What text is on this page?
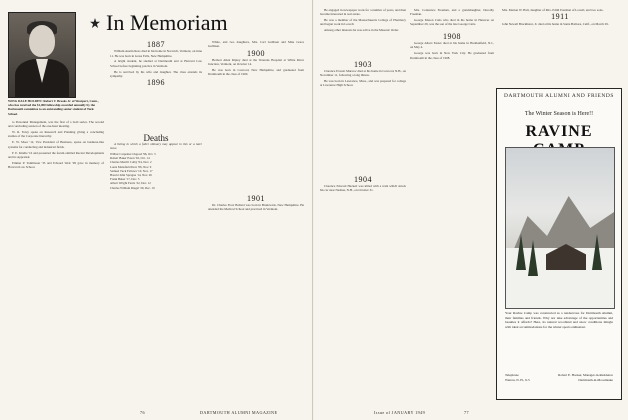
WING DALE HOLDEN: Robert V. Brooks Jr. of Westport, Conn., who has received the $1,000 fellowship awarded annually by the Dartmouth committee to an outstanding senior student of Tuck School.
In Memoriam

to Personnel Management, was the first of a bold series. The second and concluding session of the one-hour meeting.

W. R. Foley spoke on Research and Planning giving a concluding studies of the Corporate hierarchy.

E. W. Moor '12, Vice President of Business, spoke on business-like systems for conducting and industrial fields.

F. E. Kindle '16 and presented the forum entitled Recent Developments and its Appraisal.

Emmet P. Tomlinson '33 and Edward Weir '09 gave in memory of Harvard Law School.

1887

William Austin Ross died in his home in Norwich, Vermont, on June 11. He was born in Grass Falls, New Hampshire.

A bright student, he studied at Dartmouth and at Harvard Law School before beginning practice in Vermont.

He is survived by his wife and daughter. The class extends its sympathy.

1896
Deaths

A listing in which a fuller obituary may appear in this or a later issue.

Wilbur Carpenter Osgood '96, Oct. 3
Robert Baker Eaton '02, Oct. 14
Charles Merrill Colby '04, Nov. 2
Louis Mansfield Dow '06, Nov. 9
Samuel Tuck Fellows '10, Nov. 17
Harold John Sprague '14, Nov. 26
Frank Baker '17, Dec. 5
Albert Wright Ferris '22, Dec. 12
Charles William Riegel '29, Dec. 19

White, and two daughters, Mrs. Carl Gullixen and Miss Grace Gullixen.

1900

Herbert Allen Ripley died at the Veterans Hospital at White River Junction, Vermont, on October 14.

He was born in Concord, New Hampshire, and graduated from Dartmouth in the class of 1900.

1901

Dr. Charles Frost Ballard was born in Brunswick, New Hampshire. He attended the Medical School and practiced in Vermont.

76	DARTMOUTH ALUMNI MAGAZINE

He engaged in newspaper work for a number of years, and then became interested in real estate.

He was a member of the Massachusetts College of Pharmacy and began work in Lowell.

Among other interests he was active in the Masonic Order.

1903

Clarence Everett Murrow died at his home in Concord, N.H., on November 11, following a long illness.

He was born in Lawrence, Mass., and was prepared for college at Lawrence High School.

1904

Clarence Edward Hackett was killed with a train which struck his car near Nashua, N.H., on October 31.

Mrs. Constance Freeman, and a granddaughter, Dorothy Freeman.

George Mason Cutts who died in his home in Hanover on September 29, was the son of the late George Cutts.

1908

George Albert Easter died at his home in Haddonfield, N.J., on May 4.

George was born in New York City. He graduated from Dartmouth in the class of 1908.

Mrs. Marion W. Hall, daughter of Mrs. Edith Eastman of Lowell, and two sons.

1911

John Newell Brackhurst, Jr. died at his home in Santa Barbara, Calif., on March 29.

DARTMOUTH ALUMNI AND FRIENDS
The Winter Season is Here!!
RAVINE
Your Ravine Camp was constructed as a rendezvous for Dartmouth Alumni, their families and friends. Why not take advantage of the opportunities and beauties it affords? Here, its natural woodland and snow conditions mingle with ideal accommodations for the winter sports enthusiast.
Telephone
Warren, N. H., 9-3
Robert E. Hooker, Manager-in-Residence
Dartmouth-in-Moosilauke
Issue of JANUARY 1949	77
